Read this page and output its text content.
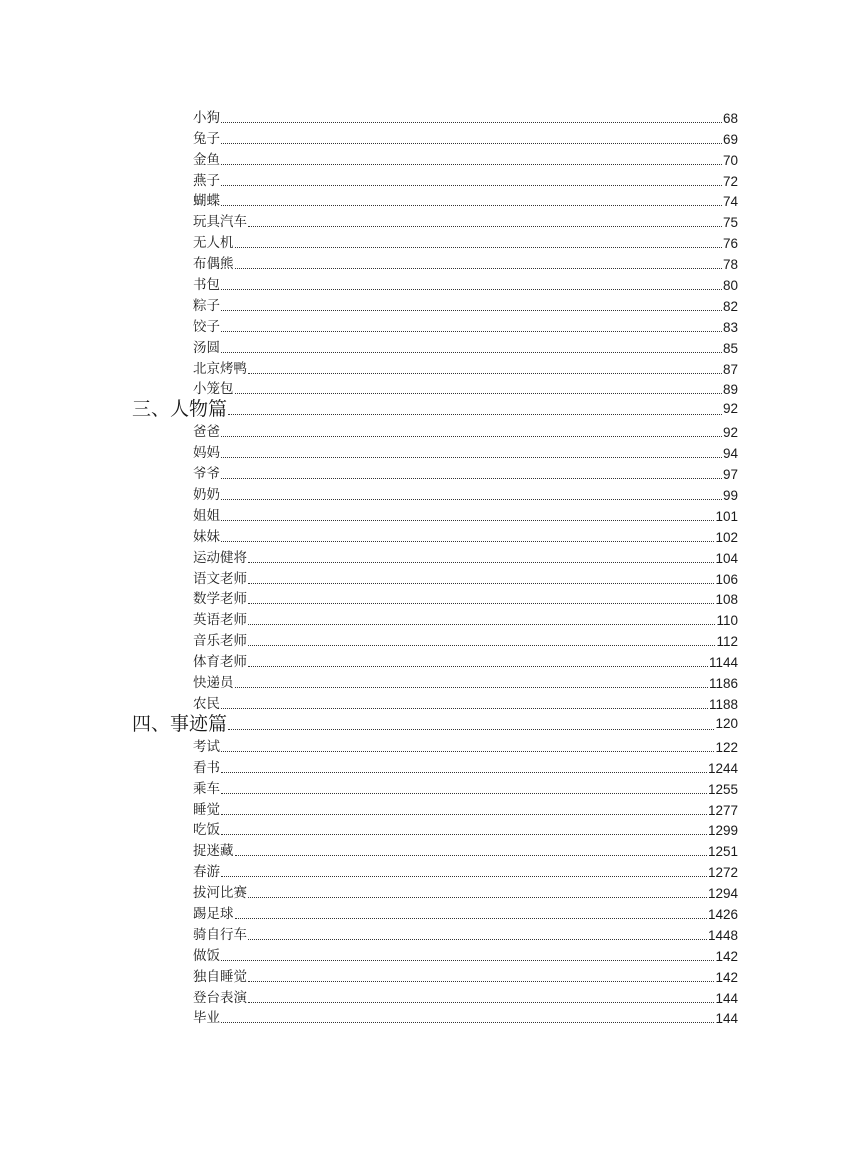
小狗	68
兔子	69
金鱼	70
燕子	72
蝴蝶	74
玩具汽车	75
无人机	76
布偶熊	78
书包	80
粽子	82
饺子	83
汤圆	85
北京烤鸭	87
小笼包	89
三、人物篇	92
爸爸	92
妈妈	94
爷爷	97
奶奶	99
姐姐	101
妹妹	102
运动健将	104
语文老师	106
数学老师	108
英语老师	110
音乐老师	112
体育老师	1144
快递员	1186
农民	1188
四、事迹篇	120
考试	122
看书	1244
乘车	1255
睡觉	1277
吃饭	1299
捉迷藏	1251
春游	1272
拔河比赛	1294
踢足球	1426
骑自行车	1448
做饭	142
独自睡觉	142
登台表演	144
毕业	144
